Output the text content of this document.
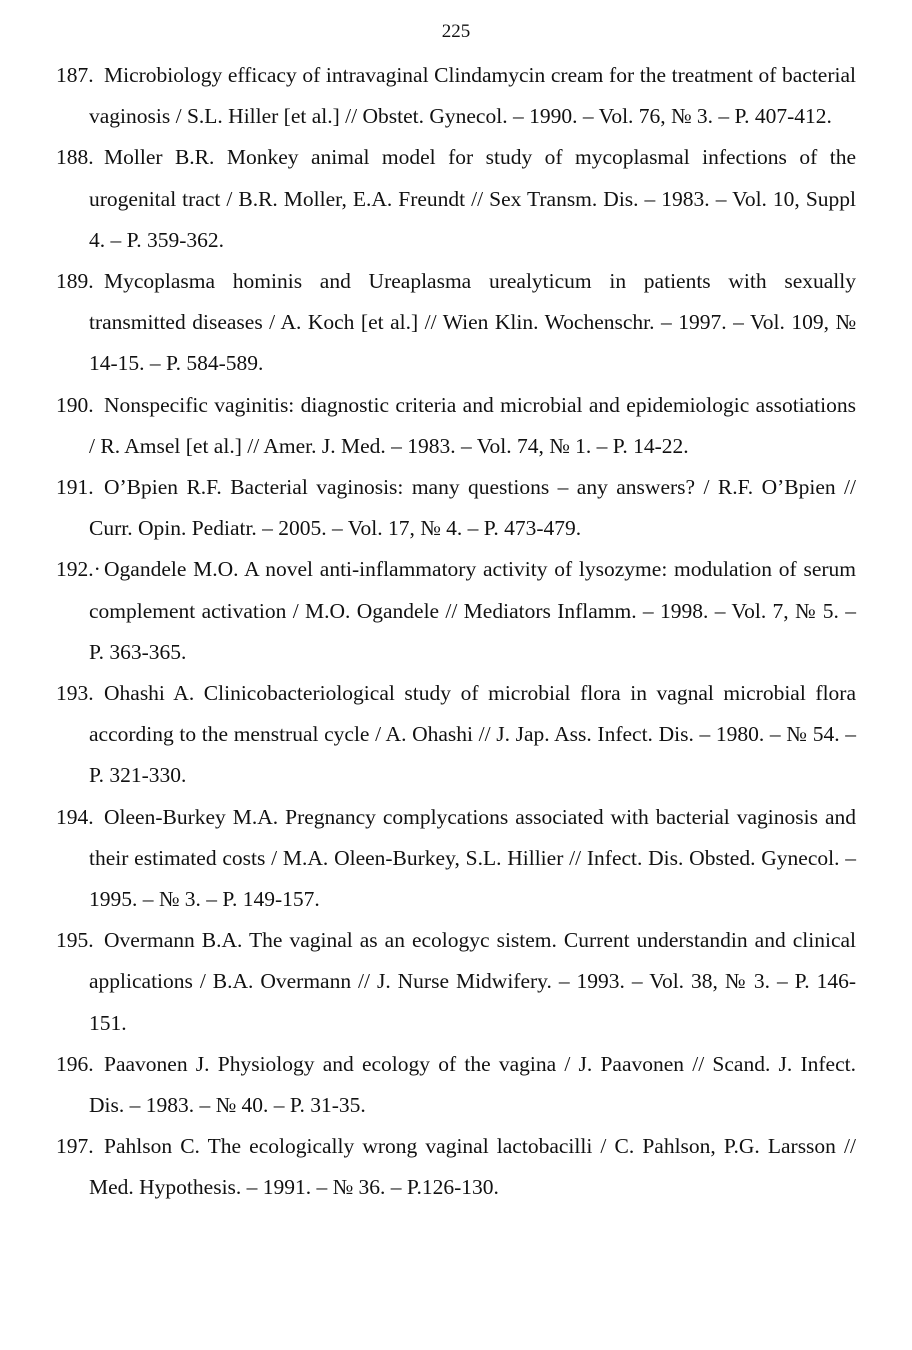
225
187. Microbiology efficacy of intravaginal Clindamycin cream for the treatment of bacterial vaginosis / S.L. Hiller [et al.] // Obstet. Gynecol. – 1990. – Vol. 76, № 3. – P. 407-412.
188. Moller B.R. Monkey animal model for study of mycoplasmal infections of the urogenital tract / B.R. Moller, E.A. Freundt // Sex Transm. Dis. – 1983. – Vol. 10, Suppl 4. – P. 359-362.
189. Mycoplasma hominis and Ureaplasma urealyticum in patients with sexually transmitted diseases / A. Koch [et al.] // Wien Klin. Wochenschr. – 1997. – Vol. 109, № 14-15. – P. 584-589.
190. Nonspecific vaginitis: diagnostic criteria and microbial and epidemiologic assotiations / R. Amsel [et al.] // Amer. J. Med. – 1983. – Vol. 74, № 1. – P. 14-22.
191. O’Bpien R.F. Bacterial vaginosis: many questions – any answers? / R.F. O’Bpien // Curr. Opin. Pediatr. – 2005. – Vol. 17, № 4. – P. 473-479.
192.· Ogandele M.O. A novel anti-inflammatory activity of lysozyme: modulation of serum complement activation / M.O. Ogandele // Mediators Inflamm. – 1998. – Vol. 7, № 5. – P. 363-365.
193. Ohashi A. Clinicobacteriological study of microbial flora in vagnal microbial flora according to the menstrual cycle / A. Ohashi // J. Jap. Ass. Infect. Dis. – 1980. – № 54. – P. 321-330.
194. Oleen-Burkey M.A. Pregnancy complycations associated with bacterial vaginosis and their estimated costs / M.A. Oleen-Burkey, S.L. Hillier // Infect. Dis. Obsted. Gynecol. – 1995. – № 3. – P. 149-157.
195. Overmann B.A. The vaginal as an ecologyc sistem. Current understandin and clinical applications / B.A. Overmann // J. Nurse Midwifery. – 1993. – Vol. 38, № 3. – P. 146-151.
196. Paavonen J. Physiology and ecology of the vagina / J. Paavonen // Scand. J. Infect. Dis. – 1983. – № 40. – P. 31-35.
197. Pahlson C. The ecologically wrong vaginal lactobacilli / C. Pahlson, P.G. Larsson // Med. Hypothesis. – 1991. – № 36. – P.126-130.
